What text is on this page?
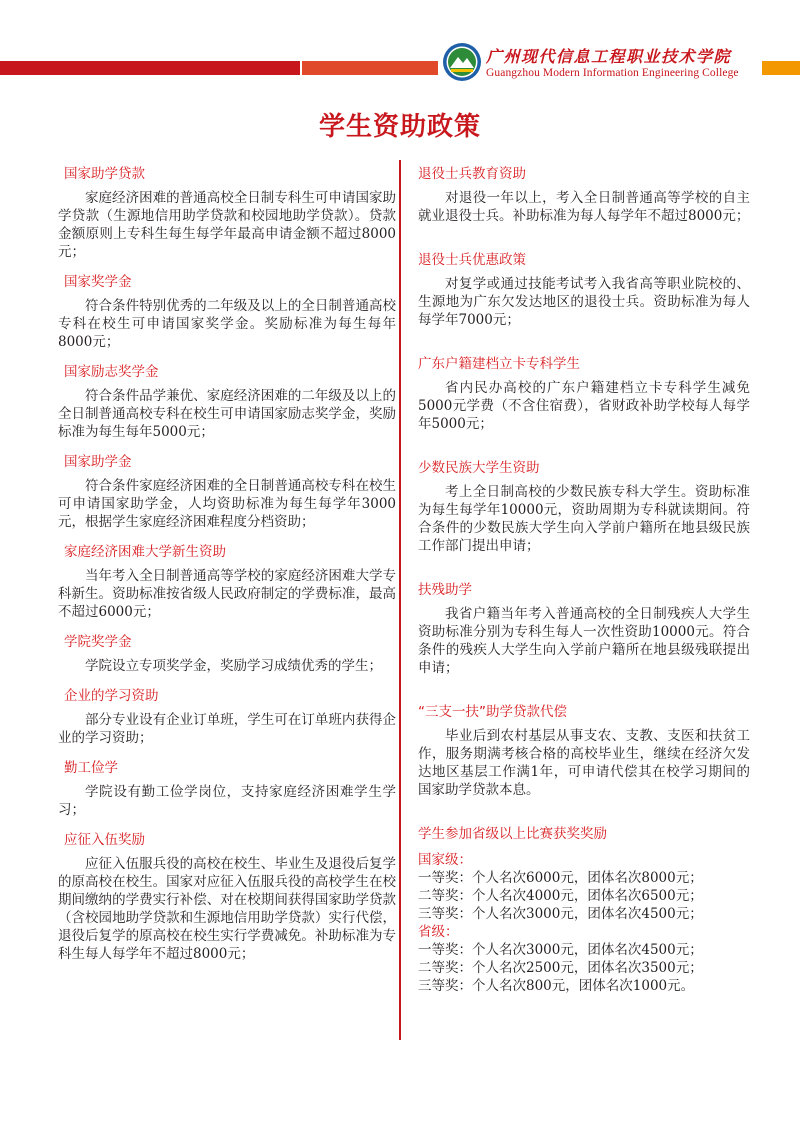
广州现代信息工程职业技术学院
Guangzhou Modern Information Engineering College
学生资助政策
国家助学贷款
家庭经济困难的普通高校全日制专科生可申请国家助学贷款（生源地信用助学贷款和校园地助学贷款）。贷款金额原则上专科生每生每学年最高申请金额不超过8000元；
国家奖学金
符合条件特别优秀的二年级及以上的全日制普通高校专科在校生可申请国家奖学金。奖励标准为每生每年8000元；
国家励志奖学金
符合条件品学兼优、家庭经济困难的二年级及以上的全日制普通高校专科在校生可申请国家励志奖学金，奖励标准为每生每年5000元；
国家助学金
符合条件家庭经济困难的全日制普通高校专科在校生可申请国家助学金，人均资助标准为每生每学年3000元，根据学生家庭经济困难程度分档资助；
家庭经济困难大学新生资助
当年考入全日制普通高等学校的家庭经济困难大学专科新生。资助标准按省级人民政府制定的学费标准，最高不超过6000元；
学院奖学金
学院设立专项奖学金，奖励学习成绩优秀的学生；
企业的学习资助
部分专业设有企业订单班，学生可在订单班内获得企业的学习资助；
勤工俭学
学院设有勤工俭学岗位，支持家庭经济困难学生学习；
应征入伍奖励
应征入伍服兵役的高校在校生、毕业生及退役后复学的原高校在校生。国家对应征入伍服兵役的高校学生在校期间缴纳的学费实行补偿、对在校期间获得国家助学贷款（含校园地助学贷款和生源地信用助学贷款）实行代偿，退役后复学的原高校在校生实行学费减免。补助标准为专科生每人每学年不超过8000元；
退役士兵教育资助
对退役一年以上，考入全日制普通高等学校的自主就业退役士兵。补助标准为每人每学年不超过8000元；
退役士兵优惠政策
对复学或通过技能考试考入我省高等职业院校的、生源地为广东欠发达地区的退役士兵。资助标准为每人每学年7000元；
广东户籍建档立卡专科学生
省内民办高校的广东户籍建档立卡专科学生减免5000元学费（不含住宿费），省财政补助学校每人每学年5000元；
少数民族大学生资助
考上全日制高校的少数民族专科大学生。资助标准为每生每学年10000元，资助周期为专科就读期间。符合条件的少数民族大学生向入学前户籍所在地县级民族工作部门提出申请；
扶残助学
我省户籍当年考入普通高校的全日制残疾人大学生资助标准分别为专科生每人一次性资助10000元。符合条件的残疾人大学生向入学前户籍所在地县级残联提出申请；
“三支一扶”助学贷款代偿
毕业后到农村基层从事支农、支教、支医和扶贫工作，服务期满考核合格的高校毕业生，继续在经济欠发达地区基层工作满1年，可申请代偿其在校学习期间的国家助学贷款本息。
学生参加省级以上比赛获奖奖励
国家级：
一等奖：个人名次6000元，团体名次8000元；
二等奖：个人名次4000元，团体名次6500元；
三等奖：个人名次3000元，团体名次4500元；
省级：
一等奖：个人名次3000元，团体名次4500元；
二等奖：个人名次2500元，团体名次3500元；
三等奖：个人名次800元，团体名次1000元。
